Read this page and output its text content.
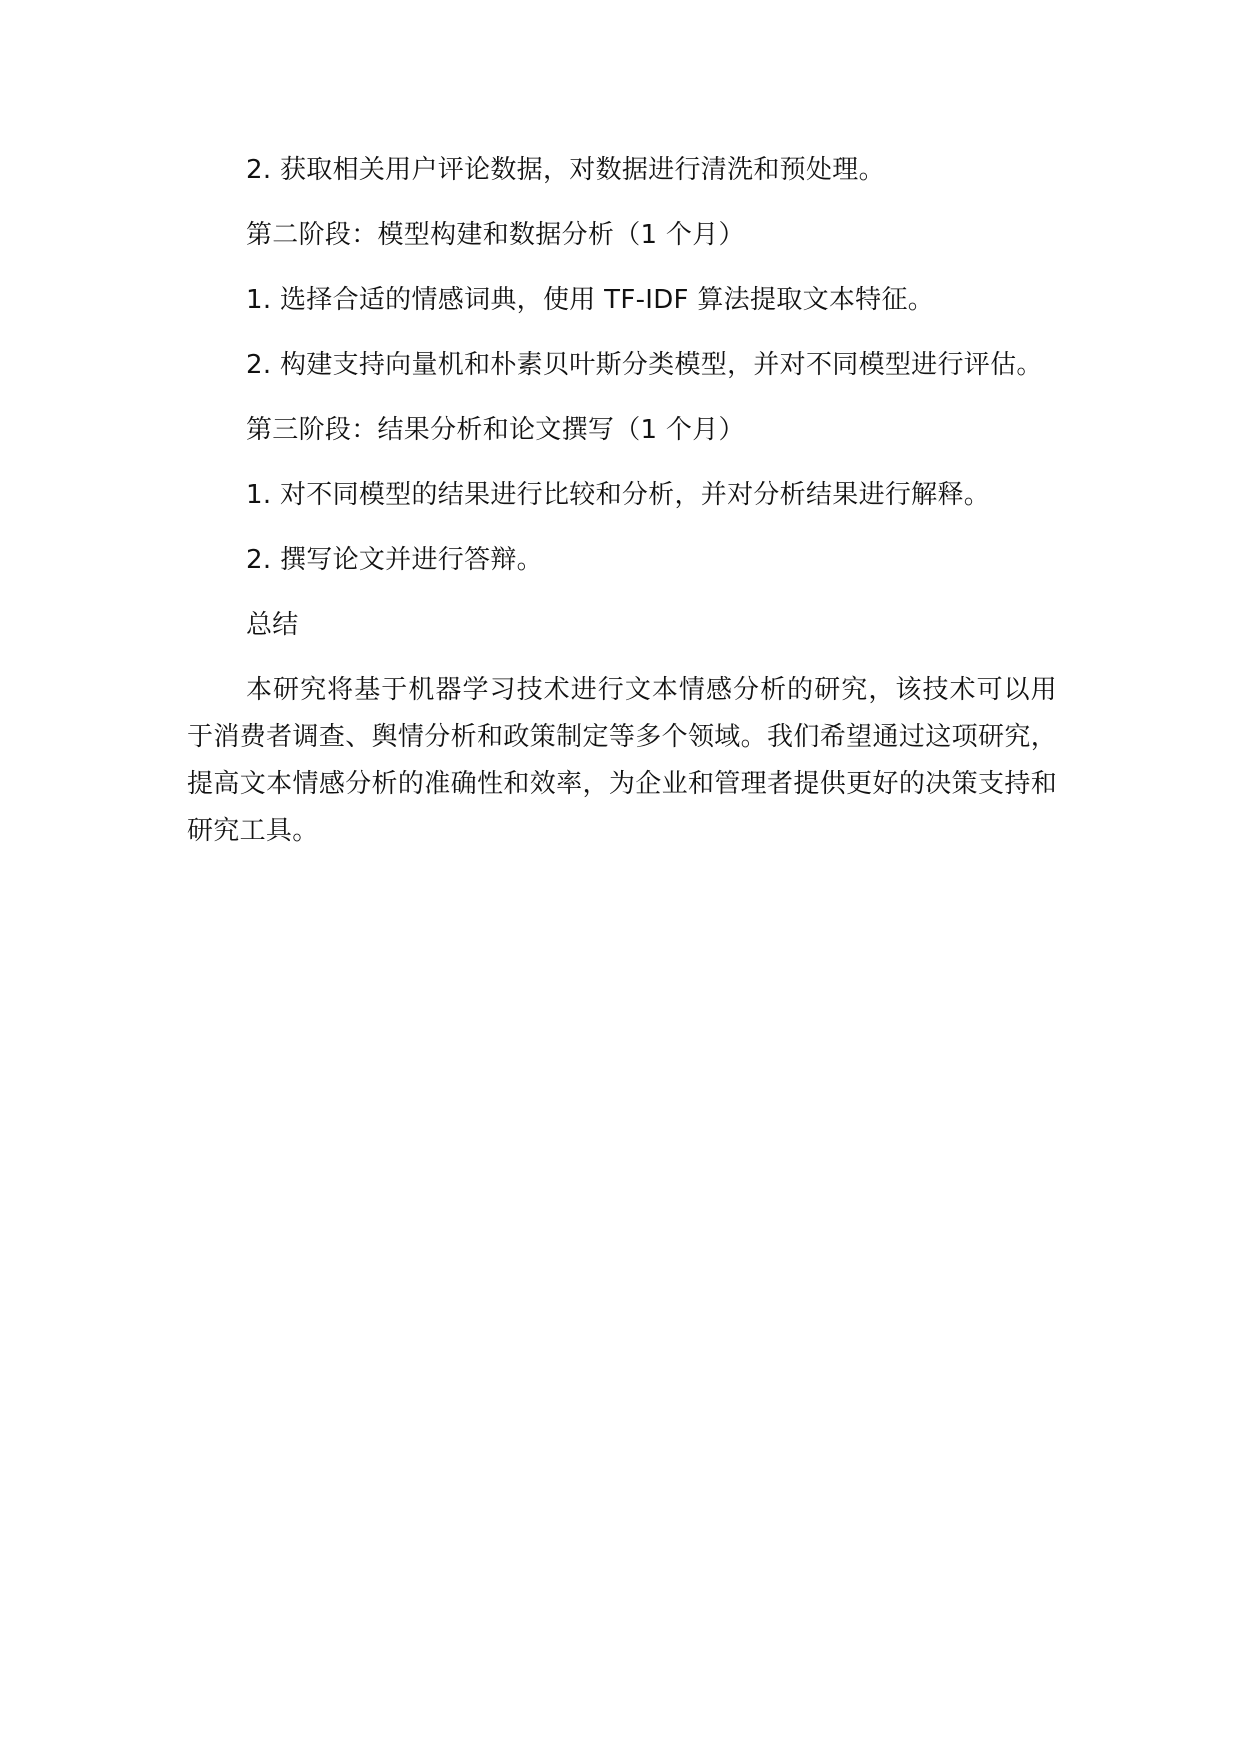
2. 获取相关用户评论数据，对数据进行清洗和预处理。
第二阶段：模型构建和数据分析（1 个月）
1. 选择合适的情感词典，使用 TF-IDF 算法提取文本特征。
2. 构建支持向量机和朴素贝叶斯分类模型，并对不同模型进行评估。
第三阶段：结果分析和论文撰写（1 个月）
1. 对不同模型的结果进行比较和分析，并对分析结果进行解释。
2. 撰写论文并进行答辩。
总结

本研究将基于机器学习技术进行文本情感分析的研究，该技术可以用于消费者调查、舆情分析和政策制定等多个领域。我们希望通过这项研究，提高文本情感分析的准确性和效率，为企业和管理者提供更好的决策支持和研究工具。
